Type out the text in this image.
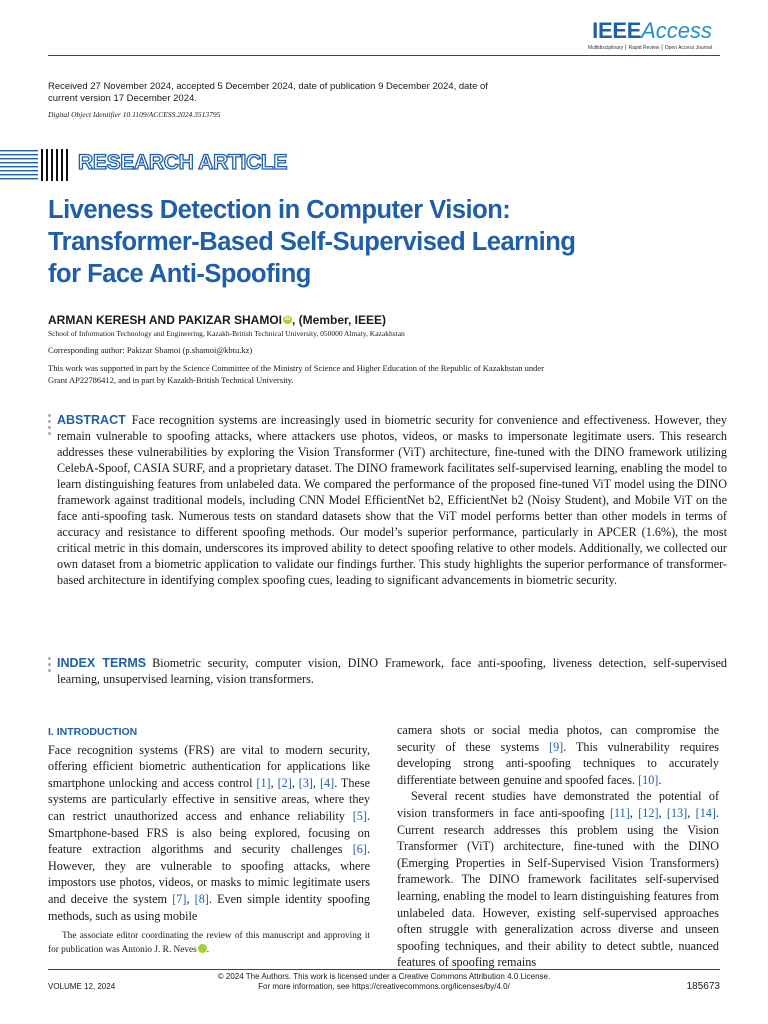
IEEEAccess
Multidisciplinary ⎮ Rapid Review ⎮ Open Access Journal
Received 27 November 2024, accepted 5 December 2024, date of publication 9 December 2024, date of current version 17 December 2024.
Digital Object Identifier 10.1109/ACCESS.2024.3513795
RESEARCH ARTICLE
Liveness Detection in Computer Vision: Transformer-Based Self-Supervised Learning for Face Anti-Spoofing
ARMAN KERESH AND PAKIZAR SHAMOI iD , (Member, IEEE)
School of Information Technology and Engineering, Kazakh-British Technical University, 050000 Almaty, Kazakhstan
Corresponding author: Pakizar Shamoi (p.shamoi@kbtu.kz)
This work was supported in part by the Science Committee of the Ministry of Science and Higher Education of the Republic of Kazakhstan under Grant AP22786412, and in part by Kazakh-British Technical University.
ABSTRACT Face recognition systems are increasingly used in biometric security for convenience and effectiveness. However, they remain vulnerable to spoofing attacks, where attackers use photos, videos, or masks to impersonate legitimate users. This research addresses these vulnerabilities by exploring the Vision Transformer (ViT) architecture, fine-tuned with the DINO framework utilizing CelebA-Spoof, CASIA SURF, and a proprietary dataset. The DINO framework facilitates self-supervised learning, enabling the model to learn distinguishing features from unlabeled data. We compared the performance of the proposed fine-tuned ViT model using the DINO framework against traditional models, including CNN Model EfficientNet b2, EfficientNet b2 (Noisy Student), and Mobile ViT on the face anti-spoofing task. Numerous tests on standard datasets show that the ViT model performs better than other models in terms of accuracy and resistance to different spoofing methods. Our model’s superior performance, particularly in APCER (1.6%), the most critical metric in this domain, underscores its improved ability to detect spoofing relative to other models. Additionally, we collected our own dataset from a biometric application to validate our findings further. This study highlights the superior performance of transformer-based architecture in identifying complex spoofing cues, leading to significant advancements in biometric security.
INDEX TERMS Biometric security, computer vision, DINO Framework, face anti-spoofing, liveness detection, self-supervised learning, unsupervised learning, vision transformers.
I. INTRODUCTION

Face recognition systems (FRS) are vital to modern security, offering efficient biometric authentication for applications like smartphone unlocking and access control [1], [2], [3], [4]. These systems are particularly effective in sensitive areas, where they can restrict unauthorized access and enhance reliability [5]. Smartphone-based FRS is also being explored, focusing on feature extraction algorithms and security challenges [6]. However, they are vulnerable to spoofing attacks, where impostors use photos, videos, or masks to mimic legitimate users and deceive the system [7], [8]. Even simple identity spoofing methods, such as using mobile

The associate editor coordinating the review of this manuscript and approving it for publication was Antonio J. R. Neves	iD.

camera shots or social media photos, can compromise the security of these systems [9]. This vulnerability requires developing strong anti-spoofing techniques to accurately differentiate between genuine and spoofed faces. [10].

Several recent studies have demonstrated the potential of vision transformers in face anti-spoofing [11], [12], [13], [14]. Current research addresses this problem using the Vision Transformer (ViT) architecture, fine-tuned with the DINO (Emerging Properties in Self-Supervised Vision Transformers) framework. The DINO framework facilitates self-supervised learning, enabling the model to learn distinguishing features from unlabeled data. However, existing self-supervised approaches often struggle with generalization across diverse and unseen spoofing techniques, and their ability to detect subtle, nuanced features of spoofing remains

© 2024 The Authors. This work is licensed under a Creative Commons Attribution 4.0 License.
For more information, see https://creativecommons.org/licenses/by/4.0/
VOLUME 12, 2024	185673
